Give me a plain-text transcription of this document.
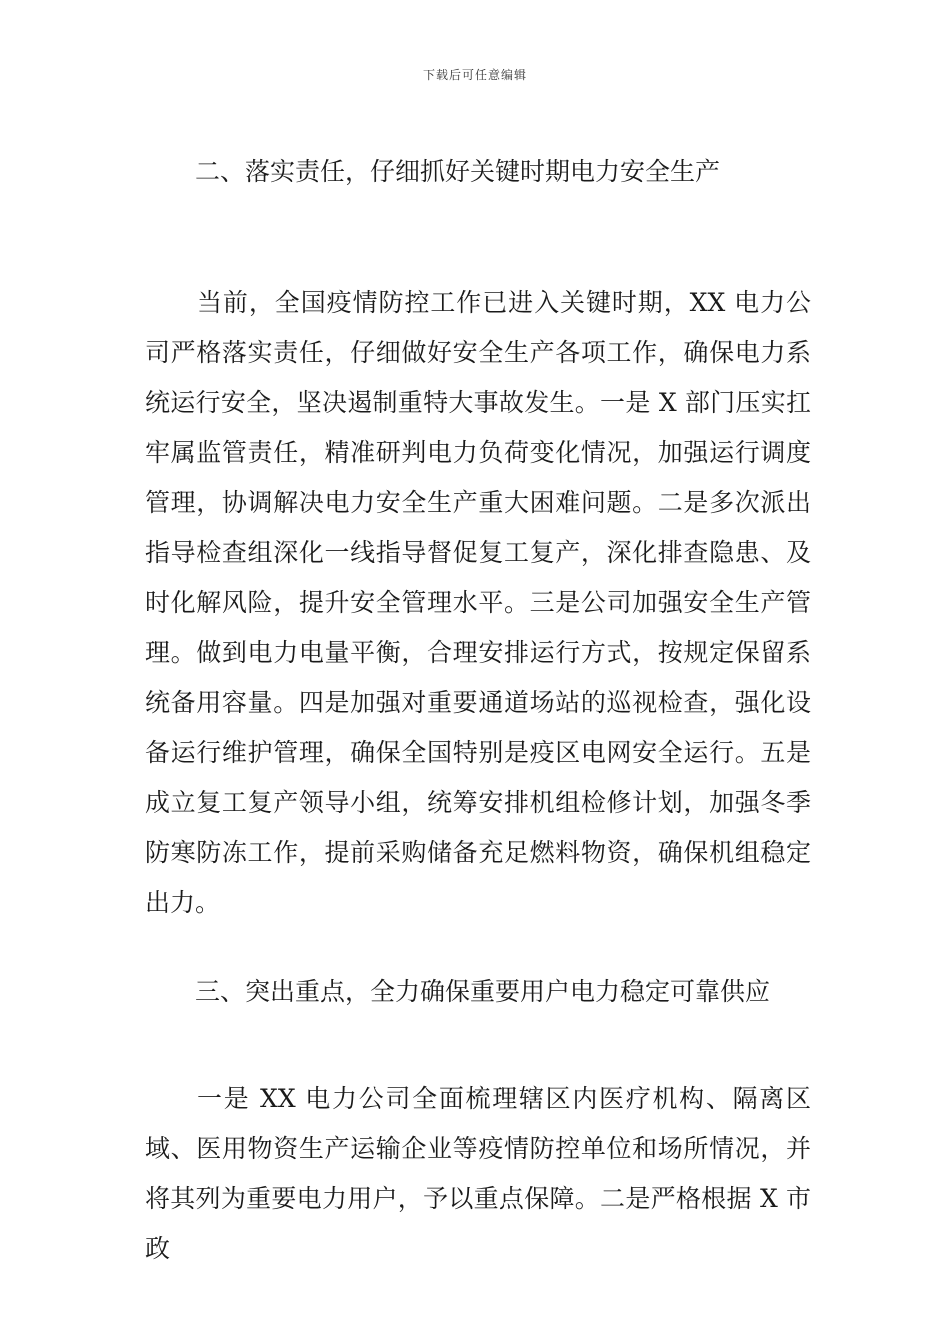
下载后可任意编辑
二、落实责任，仔细抓好关键时期电力安全生产
当前，全国疫情防控工作已进入关键时期，XX 电力公司严格落实责任，仔细做好安全生产各项工作，确保电力系统运行安全，坚决遏制重特大事故发生。一是 X 部门压实扛牢属监管责任，精准研判电力负荷变化情况，加强运行调度管理，协调解决电力安全生产重大困难问题。二是多次派出指导检查组深化一线指导督促复工复产，深化排查隐患、及时化解风险，提升安全管理水平。三是公司加强安全生产管理。做到电力电量平衡，合理安排运行方式，按规定保留系统备用容量。四是加强对重要通道场站的巡视检查，强化设备运行维护管理，确保全国特别是疫区电网安全运行。五是成立复工复产领导小组，统筹安排机组检修计划，加强冬季防寒防冻工作，提前采购储备充足燃料物资，确保机组稳定出力。
三、突出重点，全力确保重要用户电力稳定可靠供应
一是 XX 电力公司全面梳理辖区内医疗机构、隔离区域、医用物资生产运输企业等疫情防控单位和场所情况，并将其列为重要电力用户，予以重点保障。二是严格根据 X 市政
